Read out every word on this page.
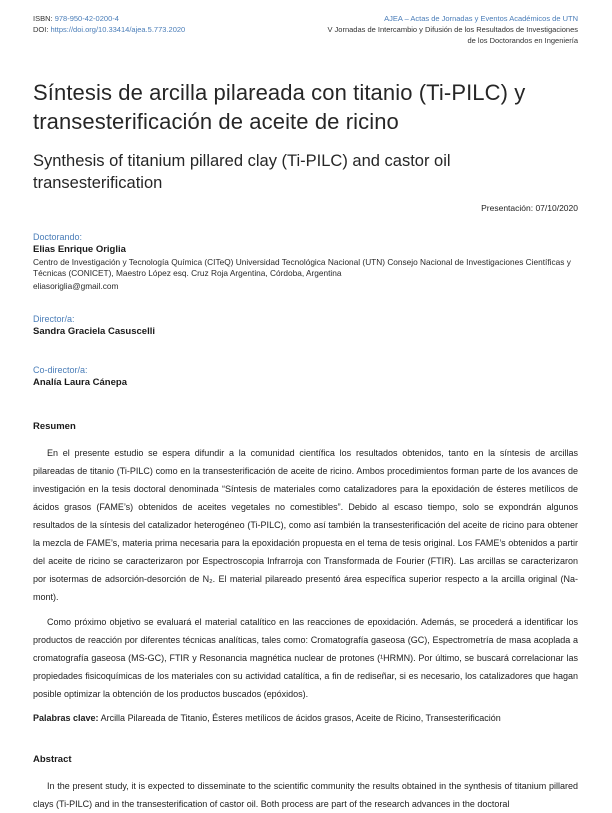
ISBN: 978-950-42-0200-4
DOI: https://doi.org/10.33414/ajea.5.773.2020
AJEA – Actas de Jornadas y Eventos Académicos de UTN
V Jornadas de Intercambio y Difusión de los Resultados de Investigaciones
de los Doctorandos en Ingeniería
Síntesis de arcilla pilareada con titanio (Ti-PILC) y transesterificación de aceite de ricino
Synthesis of titanium pillared clay (Ti-PILC) and castor oil transesterification
Presentación: 07/10/2020
Doctorando:
Elias Enrique Origlia
Centro de Investigación y Tecnología Química (CITeQ) Universidad Tecnológica Nacional (UTN) Consejo Nacional de Investigaciones Científicas y Técnicas (CONICET), Maestro López esq. Cruz Roja Argentina, Córdoba, Argentina
eliasoriglia@gmail.com
Director/a:
Sandra Graciela Casuscelli
Co-director/a:
Analía Laura Cánepa
Resumen
En el presente estudio se espera difundir a la comunidad científica los resultados obtenidos, tanto en la síntesis de arcillas pilareadas de titanio (Ti-PILC) como en la transesterificación de aceite de ricino. Ambos procedimientos forman parte de los avances de investigación en la tesis doctoral denominada “Síntesis de materiales como catalizadores para la epoxidación de ésteres metílicos de ácidos grasos (FAME’s) obtenidos de aceites vegetales no comestibles”. Debido al escaso tiempo, solo se expondrán algunos resultados de la síntesis del catalizador heterogéneo (Ti-PILC), como así también la transesterificación del aceite de ricino para obtener la mezcla de FAME’s, materia prima necesaria para la epoxidación propuesta en el tema de tesis original. Los FAME’s obtenidos a partir del aceite de ricino se caracterizaron por Espectroscopia Infrarroja con Transformada de Fourier (FTIR). Las arcillas se caracterizaron por isotermas de adsorción-desorción de N₂. El material pilareado presentó área específica superior respecto a la arcilla original (Na-mont).
Como próximo objetivo se evaluará el material catalítico en las reacciones de epoxidación. Además, se procederá a identificar los productos de reacción por diferentes técnicas analíticas, tales como: Cromatografía gaseosa (GC), Espectrometría de masa acoplada a cromatografía gaseosa (MS-GC), FTIR y Resonancia magnética nuclear de protones (¹HRMN). Por último, se buscará correlacionar las propiedades fisicoquímicas de los materiales con su actividad catalítica, a fin de rediseñar, si es necesario, los catalizadores que hagan posible optimizar la obtención de los productos buscados (epóxidos).
Palabras clave: Arcilla Pilareada de Titanio, Ésteres metílicos de ácidos grasos, Aceite de Ricino, Transesterificación
Abstract
In the present study, it is expected to disseminate to the scientific community the results obtained in the synthesis of titanium pillared clays (Ti-PILC) and in the transesterification of castor oil. Both process are part of the research advances in the doctoral
